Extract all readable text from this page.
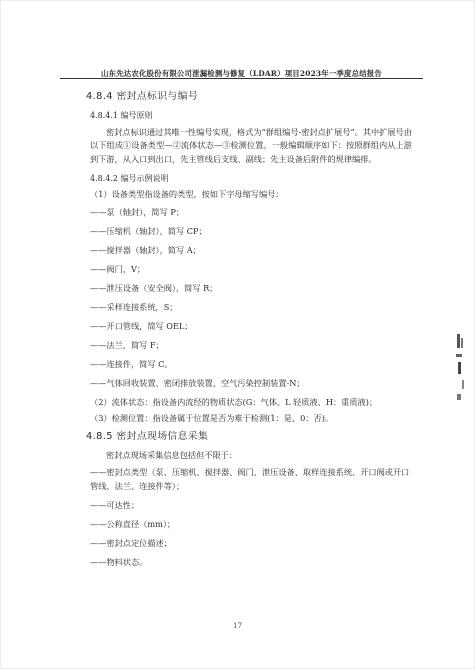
山东先达农化股份有限公司泄漏检测与修复（LDAR）项目2023年一季度总结报告
4.8.4 密封点标识与编号
4.8.4.1 编号原则
密封点标识通过其唯一性编号实现，格式为“群组编号-密封点扩展号”。其中扩展号由以下组成①设备类型—②流体状态—③检测位置。一般编辑顺序如下：按照群组内从上游到下游，从入口到出口，先主管线后支线、副线；先主设备后附件的规律编排。
4.8.4.2 编号示例说明
（1）设备类型指设备的类型，按如下字母缩写编号：
——泵（轴封），简写 P；
——压缩机（轴封），简写 CP；
——搅拌器（轴封），简写 A；
——阀门，V；
——泄压设备（安全阀），简写 R；
——采样连接系统，S；
——开口管线，简写 OEL；
——法兰，简写 F；
——连接件，简写 C。
——气体回收装置、密闭排放装置、空气污染控制装置-N；
（2）流体状态：指设备内流经的物质状态(G：气体、L 轻质液、H：重质液)；
（3）检测位置：指设备属于位置是否为难于检测(1：是、0：否)。
4.8.5 密封点现场信息采集
密封点现场采集信息包括但不限于：
——密封点类型（泵、压缩机、搅拌器、阀门、泄压设备、取样连接系统、开口阀或开口管线、法兰、连接件等）；
——可达性；
——公称直径（mm）；
——密封点定位描述；
——物料状态。
17
